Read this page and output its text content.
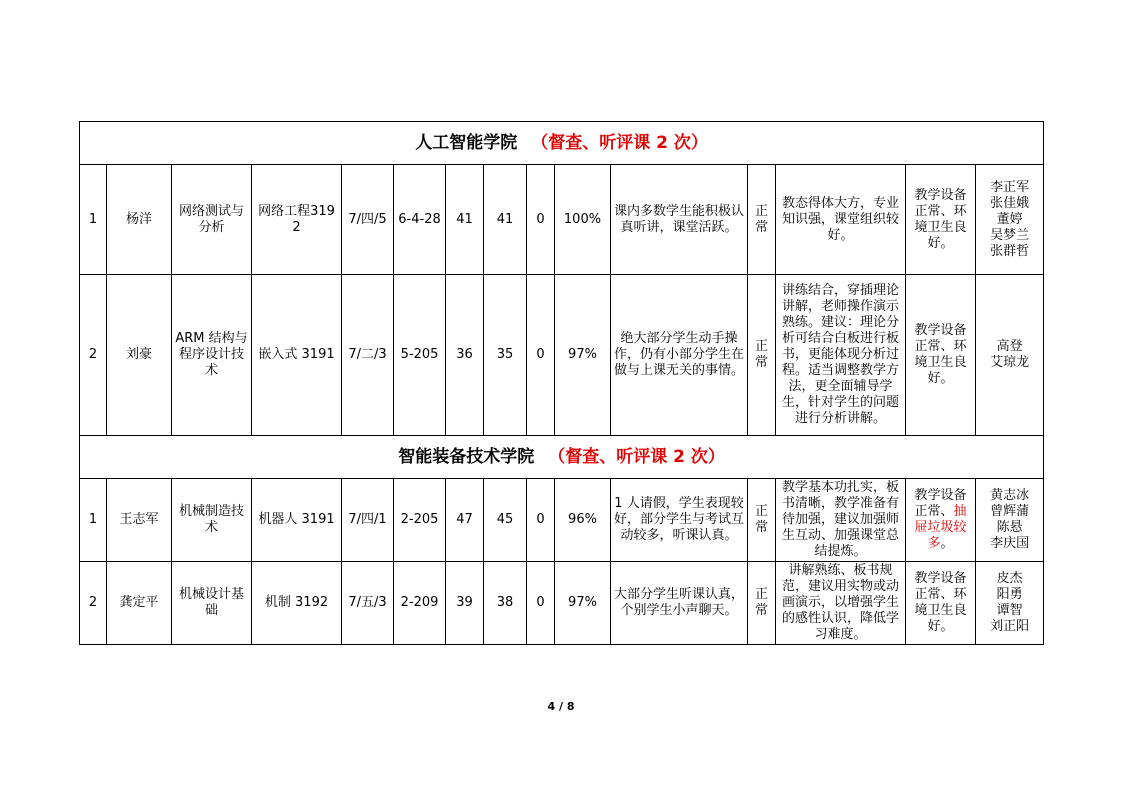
人工智能学院 （督查、听评课 2 次）														
1	杨洋	网络测试与分析	网络工程3192	7/四/5	6-4-28	41	41	0	100%	课内多数学生能积极认真听讲，课堂活跃。	正常	教态得体大方，专业知识强，课堂组织较好。	教学设备正常、环境卫生良好。	李正军
张佳娥
董婷
吴梦兰
张群哲

2	刘豪	ARM 结构与程序设计技术	嵌入式 3191	7/二/3	5-205	36	35	0	97%	绝大部分学生动手操作，仍有小部分学生在做与上课无关的事情。	正常	讲练结合，穿插理论讲解，老师操作演示熟练。建议：理论分析可结合白板进行板书，更能体现分析过程。适当调整教学方法，更全面辅导学生，针对学生的问题进行分析讲解。	教学设备正常、环境卫生良好。	高登
艾琼龙

智能装备技术学院 （督查、听评课 2 次）														
1	王志军	机械制造技术	机器人 3191	7/四/1	2-205	47	45	0	96%	1 人请假，学生表现较好，部分学生与考试互动较多，听课认真。	正常	教学基本功扎实，板书清晰，教学准备有待加强，建议加强师生互动、加强课堂总结提炼。	教学设备正常、抽屉垃圾较多。	黄志冰
曾辉蒲
陈悬
李庆国

2	龚定平	机械设计基础	机制 3192	7/五/3	2-209	39	38	0	97%	大部分学生听课认真，个别学生小声聊天。	正常	讲解熟练、板书规范，建议用实物或动画演示，以增强学生的感性认识，降低学习难度。	教学设备正常、环境卫生良好。	皮杰
阳勇
谭智
刘正阳
4 / 8
